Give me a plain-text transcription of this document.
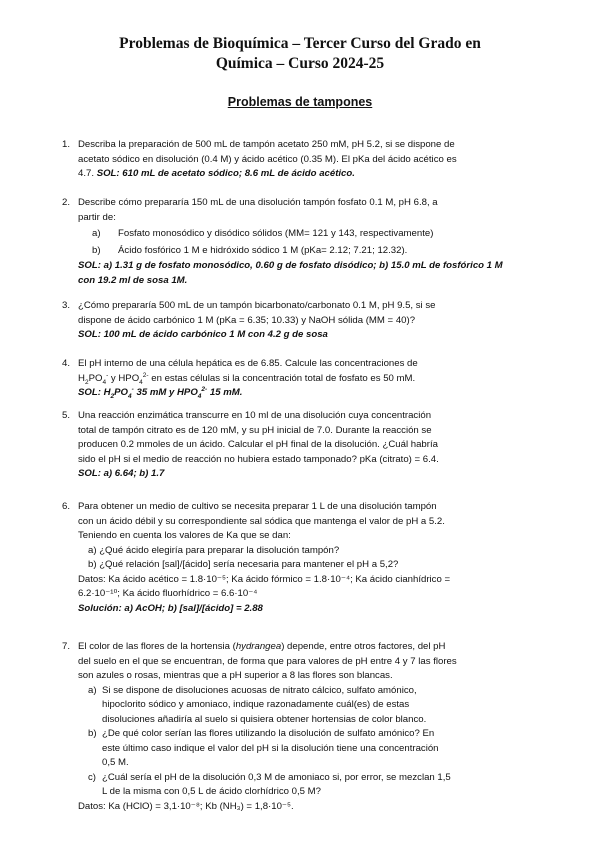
Problemas de Bioquímica – Tercer Curso del Grado en
Química – Curso 2024-25
Problemas de tampones
1. Describa la preparación de 500 mL de tampón acetato 250 mM, pH 5.2, si se dispone de
acetato sódico en disolución (0.4 M) y ácido acético (0.35 M). El pKa del ácido acético es
4.7. SOL: 610 mL de acetato sódico; 8.6 mL de ácido acético.
2. Describe cómo prepararía 150 mL de una disolución tampón fosfato 0.1 M, pH 6.8, a
partir de:
a) Fosfato monosódico y disódico sólidos (MM= 121 y 143, respectivamente)
b) Ácido fosfórico 1 M e hidróxido sódico 1 M (pKa= 2.12; 7.21; 12.32).
SOL: a) 1.31 g de fosfato monosódico, 0.60 g de fosfato disódico; b) 15.0 mL de fosfórico 1 M
con 19.2 ml de sosa 1M.
3. ¿Cómo prepararía 500 mL de un tampón bicarbonato/carbonato 0.1 M, pH 9.5, si se
dispone de ácido carbónico 1 M (pKa = 6.35; 10.33) y NaOH sólida (MM = 40)?
SOL: 100 mL de ácido carbónico 1 M con 4.2 g de sosa
4. El pH interno de una célula hepática es de 6.85. Calcule las concentraciones de
$H_2PO_4^-$ y $HPO_4^{2-}$ en estas células si la concentración total de fosfato es 50 mM.
SOL: $H_2PO_4^-$ 35 mM y $HPO_4^{2-}$ 15 mM.
5. Una reacción enzimática transcurre en 10 ml de una disolución cuya concentración
total de tampón citrato es de 120 mM, y su pH inicial de 7.0. Durante la reacción se
producen 0.2 mmoles de un ácido. Calcular el pH final de la disolución. ¿Cuál habría
sido el pH si el medio de reacción no hubiera estado tamponado? pKa (citrato) = 6.4.
SOL: a) 6.64; b) 1.7
6. Para obtener un medio de cultivo se necesita preparar 1 L de una disolución tampón
con un ácido débil y su correspondiente sal sódica que mantenga el valor de pH a 5.2.
Teniendo en cuenta los valores de Ka que se dan:
a) ¿Qué ácido elegiría para preparar la disolución tampón?
b) ¿Qué relación [sal]/[ácido] sería necesaria para mantener el pH a 5,2?
Datos: Ka ácido acético = 1.8·10⁻⁵; Ka ácido fórmico = 1.8·10⁻⁴; Ka ácido cianhídrico =
6.2·10⁻¹⁰; Ka ácido fluorhídrico = 6.6·10⁻⁴
Solución: a) AcOH; b) [sal]/[ácido] = 2.88
7. El color de las flores de la hortensia (hydrangea) depende, entre otros factores, del pH
del suelo en el que se encuentran, de forma que para valores de pH entre 4 y 7 las flores
son azules o rosas, mientras que a pH superior a 8 las flores son blancas.
a) Si se dispone de disoluciones acuosas de nitrato cálcico, sulfato amónico,
hipoclorito sódico y amoniaco, indique razonadamente cuál(es) de estas
disoluciones añadiría al suelo si quisiera obtener hortensias de color blanco.
b) ¿De qué color serían las flores utilizando la disolución de sulfato amónico? En
este último caso indique el valor del pH si la disolución tiene una concentración
0,5 M.
c) ¿Cuál sería el pH de la disolución 0,3 M de amoniaco si, por error, se mezclan 1,5
L de la misma con 0,5 L de ácido clorhídrico 0,5 M?
Datos: Ka (HClO) = 3,1·10⁻⁸; Kb (NH₃) = 1,8·10⁻⁵.
